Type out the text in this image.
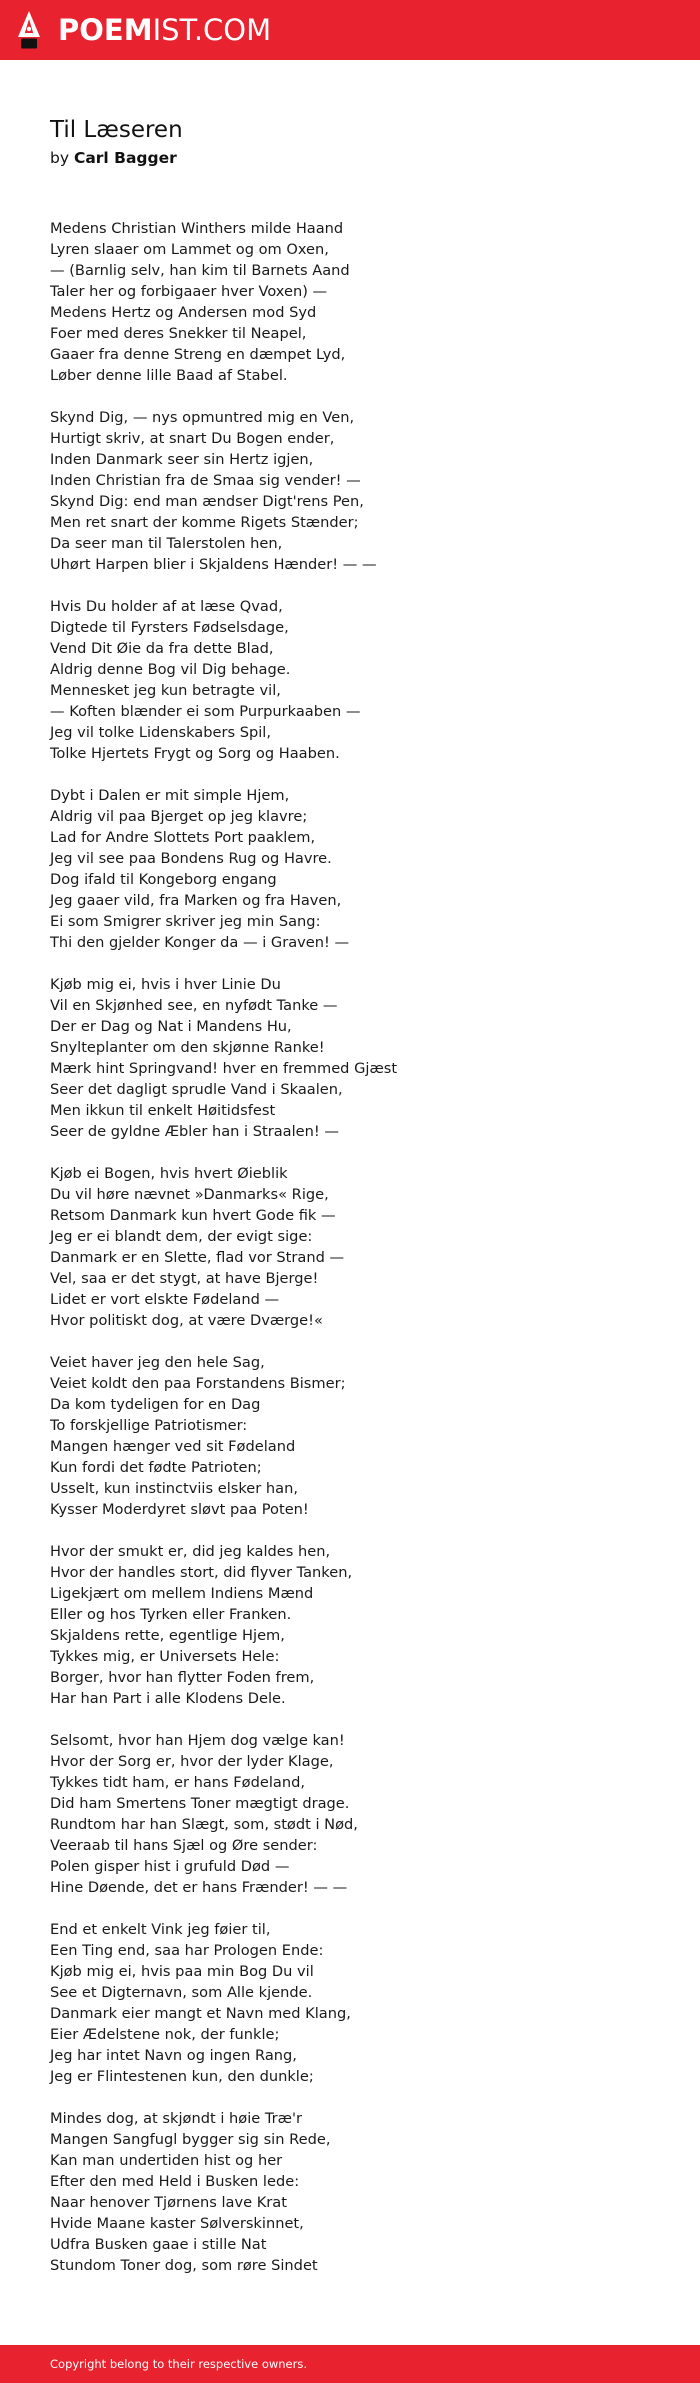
POEMIST.COM
Til Læseren
by Carl Bagger
Medens Christian Winthers milde Haand
Lyren slaaer om Lammet og om Oxen,
— (Barnlig selv, han kim til Barnets Aand
Taler her og forbigaaer hver Voxen) —
Medens Hertz og Andersen mod Syd
Foer med deres Snekker til Neapel,
Gaaer fra denne Streng en dæmpet Lyd,
Løber denne lille Baad af Stabel.
Skynd Dig, — nys opmuntred mig en Ven,
Hurtigt skriv, at snart Du Bogen ender,
Inden Danmark seer sin Hertz igjen,
Inden Christian fra de Smaa sig vender! —
Skynd Dig: end man ændser Digt'rens Pen,
Men ret snart der komme Rigets Stænder;
Da seer man til Talerstolen hen,
Uhørt Harpen blier i Skjaldens Hænder! — —
Hvis Du holder af at læse Qvad,
Digtede til Fyrsters Fødselsdage,
Vend Dit Øie da fra dette Blad,
Aldrig denne Bog vil Dig behage.
Mennesket jeg kun betragte vil,
— Koften blænder ei som Purpurkaaben —
Jeg vil tolke Lidenskabers Spil,
Tolke Hjertets Frygt og Sorg og Haaben.
Dybt i Dalen er mit simple Hjem,
Aldrig vil paa Bjerget op jeg klavre;
Lad for Andre Slottets Port paaklem,
Jeg vil see paa Bondens Rug og Havre.
Dog ifald til Kongeborg engang
Jeg gaaer vild, fra Marken og fra Haven,
Ei som Smigrer skriver jeg min Sang:
Thi den gjelder Konger da — i Graven! —
Kjøb mig ei, hvis i hver Linie Du
Vil en Skjønhed see, en nyfødt Tanke —
Der er Dag og Nat i Mandens Hu,
Snylteplanter om den skjønne Ranke!
Mærk hint Springvand! hver en fremmed Gjæst
Seer det dagligt sprudle Vand i Skaalen,
Men ikkun til enkelt Høitidsfest
Seer de gyldne Æbler han i Straalen! —
Kjøb ei Bogen, hvis hvert Øieblik
Du vil høre nævnet »Danmarks« Rige,
Retsom Danmark kun hvert Gode fik —
Jeg er ei blandt dem, der evigt sige:
Danmark er en Slette, flad vor Strand —
Vel, saa er det stygt, at have Bjerge!
Lidet er vort elskte Fødeland —
Hvor politiskt dog, at være Dværge!«
Veiet haver jeg den hele Sag,
Veiet koldt den paa Forstandens Bismer;
Da kom tydeligen for en Dag
To forskjellige Patriotismer:
Mangen hænger ved sit Fødeland
Kun fordi det fødte Patrioten;
Usselt, kun instinctviis elsker han,
Kysser Moderdyret sløvt paa Poten!
Hvor der smukt er, did jeg kaldes hen,
Hvor der handles stort, did flyver Tanken,
Ligekjært om mellem Indiens Mænd
Eller og hos Tyrken eller Franken.
Skjaldens rette, egentlige Hjem,
Tykkes mig, er Universets Hele:
Borger, hvor han flytter Foden frem,
Har han Part i alle Klodens Dele.
Selsomt, hvor han Hjem dog vælge kan!
Hvor der Sorg er, hvor der lyder Klage,
Tykkes tidt ham, er hans Fødeland,
Did ham Smertens Toner mægtigt drage.
Rundtom har han Slægt, som, stødt i Nød,
Veeraab til hans Sjæl og Øre sender:
Polen gisper hist i grufuld Død —
Hine Døende, det er hans Frænder! — —
End et enkelt Vink jeg føier til,
Een Ting end, saa har Prologen Ende:
Kjøb mig ei, hvis paa min Bog Du vil
See et Digternavn, som Alle kjende.
Danmark eier mangt et Navn med Klang,
Eier Ædelstene nok, der funkle;
Jeg har intet Navn og ingen Rang,
Jeg er Flintestenen kun, den dunkle;
Mindes dog, at skjøndt i høie Træ'r
Mangen Sangfugl bygger sig sin Rede,
Kan man undertiden hist og her
Efter den med Held i Busken lede:
Naar henover Tjørnens lave Krat
Hvide Maane kaster Sølverskinnet,
Udfra Busken gaae i stille Nat
Stundom Toner dog, som røre Sindet
Copyright belong to their respective owners.
